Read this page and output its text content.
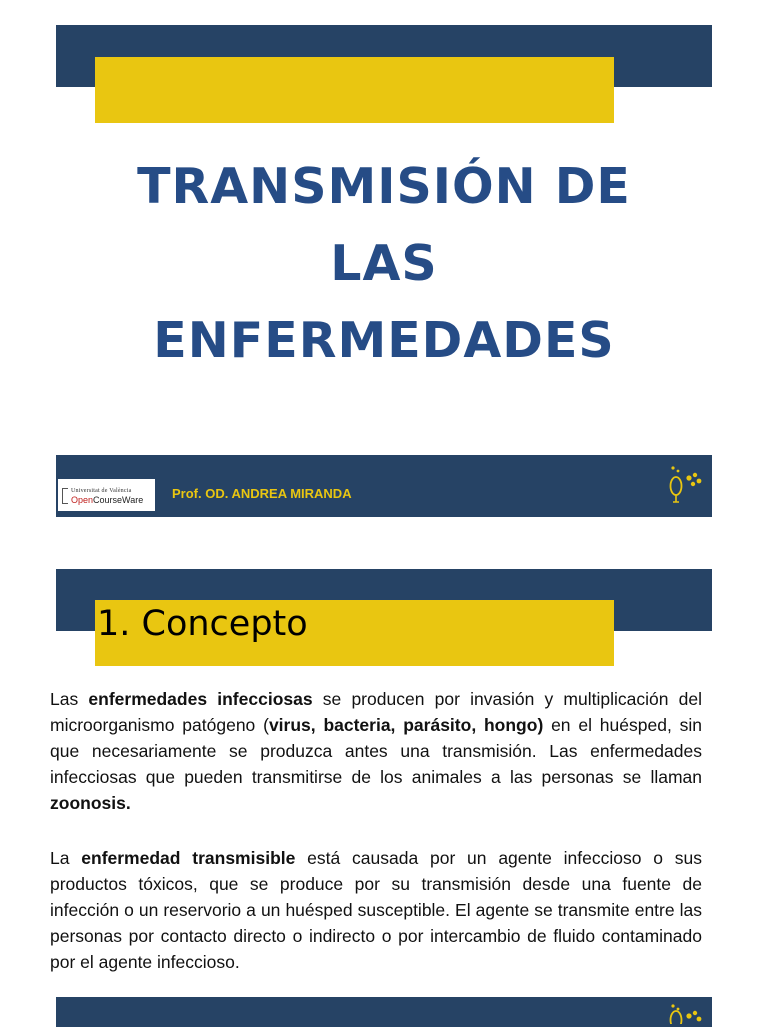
TRANSMISIÓN DE
LAS
ENFERMEDADES
Universitat de València
OpenCourseWare Prof. OD. ANDREA MIRANDA
1. Concepto

Las enfermedades infecciosas se producen por invasión y multiplicación del microorganismo patógeno (virus, bacteria, parásito, hongo) en el huésped, sin que necesariamente se produzca antes una transmisión. Las enfermedades infecciosas que pueden transmitirse de los animales a las personas se llaman zoonosis.

La enfermedad transmisible está causada por un agente infeccioso o sus productos tóxicos, que se produce por su transmisión desde una fuente de infección o un reservorio a un huésped susceptible. El agente se transmite entre las personas por contacto directo o indirecto o por intercambio de fluido contaminado por el agente infeccioso.
